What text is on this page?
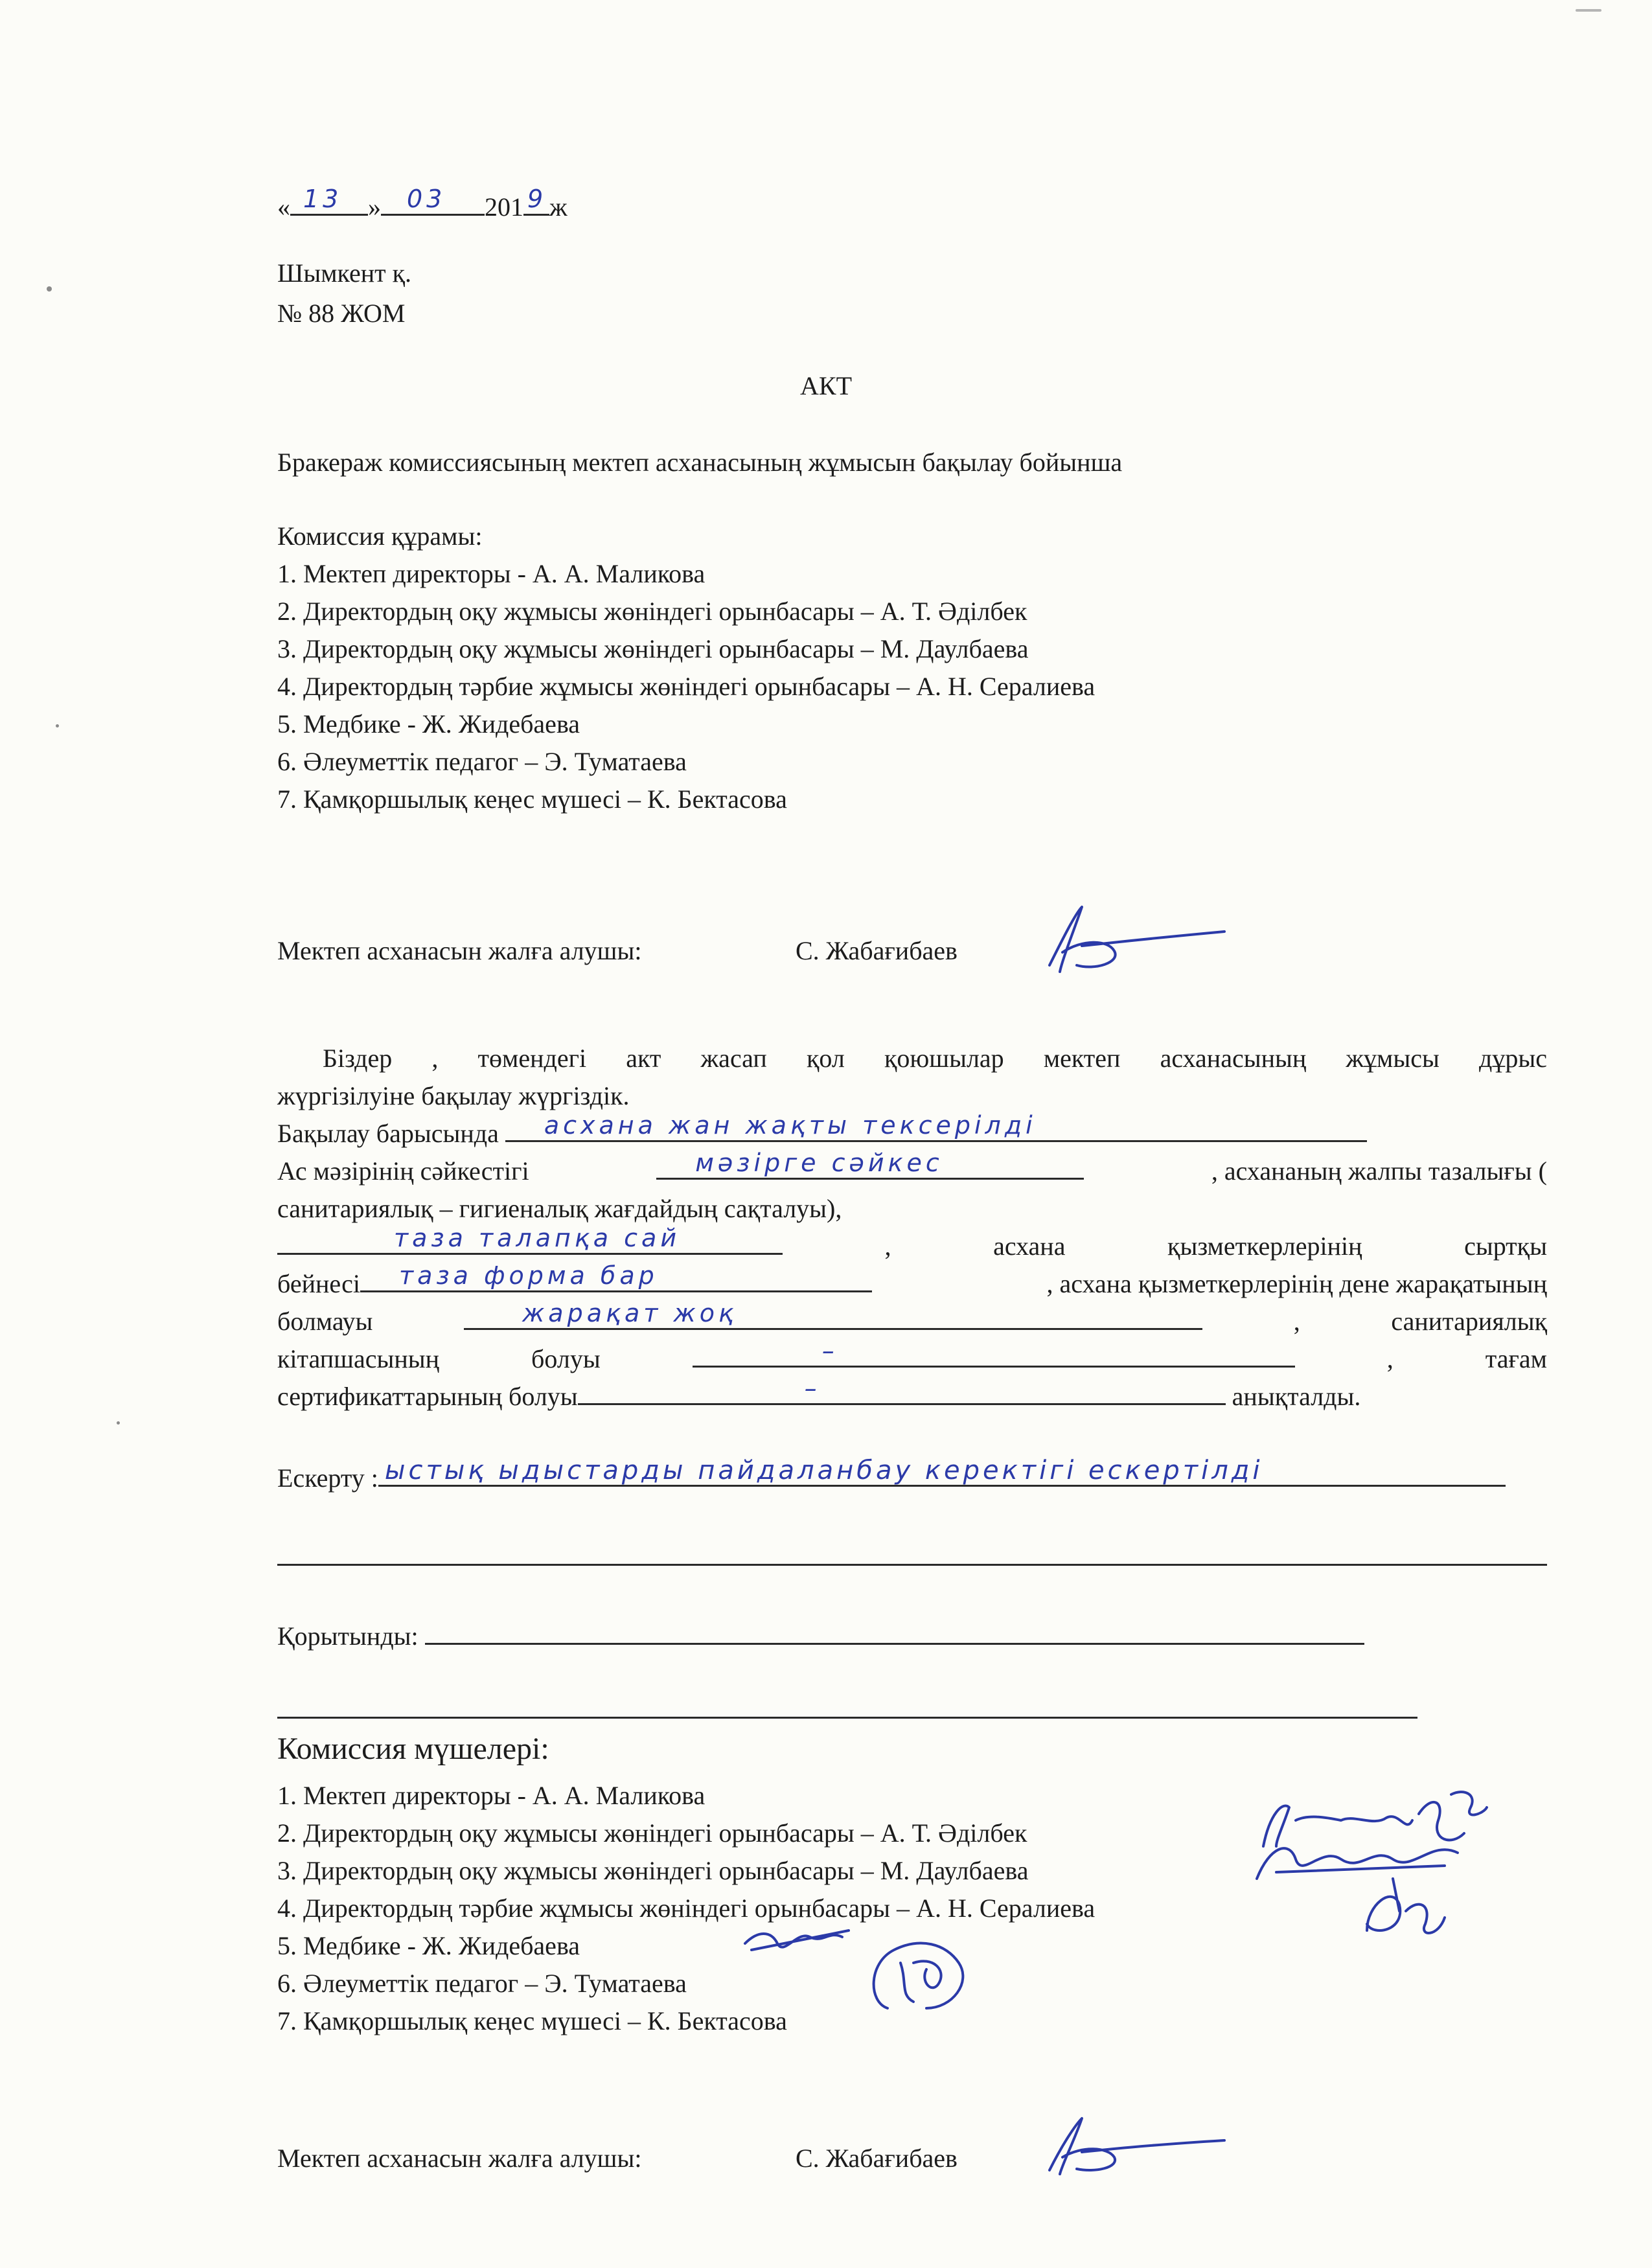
« 13 » 03 201 9 ж
Шымкент қ.
№ 88 ЖОМ
АКТ
Бракераж комиссиясының мектеп асханасының жұмысын бақылау бойынша
Комиссия құрамы:
1. Мектеп директоры - А. А. Маликова
2. Директордың оқу жұмысы жөніндегі орынбасары – А. Т. Әділбек
3. Директордың оқу жұмысы жөніндегі орынбасары – М. Даулбаева
4. Директордың тәрбие жұмысы жөніндегі орынбасары – А. Н. Сералиева
5. Медбике - Ж. Жидебаева
6. Әлеуметтік педагог – Э. Туматаева
7. Қамқоршылық кеңес мүшесі – К. Бектасова
Мектеп асханасын жалға алушы:	С. Жабағибаев
Біздер , төмендегі акт жасап қол қоюшылар мектеп асханасының жұмысы дұрыс
жүргізілуіне бақылау жүргіздік.
Бақылау барысында асхана жан жақты тексерілді
Ас мәзірінің сәйкестігі	мәзірге сәйкес	, асхананың жалпы тазалығы (
санитариялық – гигиеналық жағдайдың сақталуы),
таза талапқа сай	,	асхана	қызметкерлерінің	сыртқы
бейнесі таза форма бар	, асхана қызметкерлерінің дене жарақатының
болмауы	жарақат жоқ	,	санитариялық
кітапшасының	болуы	–	,	тағам
сертификаттарының болуы	–	анықталды.
Ескерту : ыстық ыдыстарды пайдаланбау керектігі ескертілді
Қорытынды:
Комиссия мүшелері:
1. Мектеп директоры - А. А. Маликова
2. Директордың оқу жұмысы жөніндегі орынбасары – А. Т. Әділбек
3. Директордың оқу жұмысы жөніндегі орынбасары – М. Даулбаева
4. Директордың тәрбие жұмысы жөніндегі орынбасары – А. Н. Сералиева
5. Медбике - Ж. Жидебаева
6. Әлеуметтік педагог – Э. Туматаева
7. Қамқоршылық кеңес мүшесі – К. Бектасова
Мектеп асханасын жалға алушы:	С. Жабағибаев
